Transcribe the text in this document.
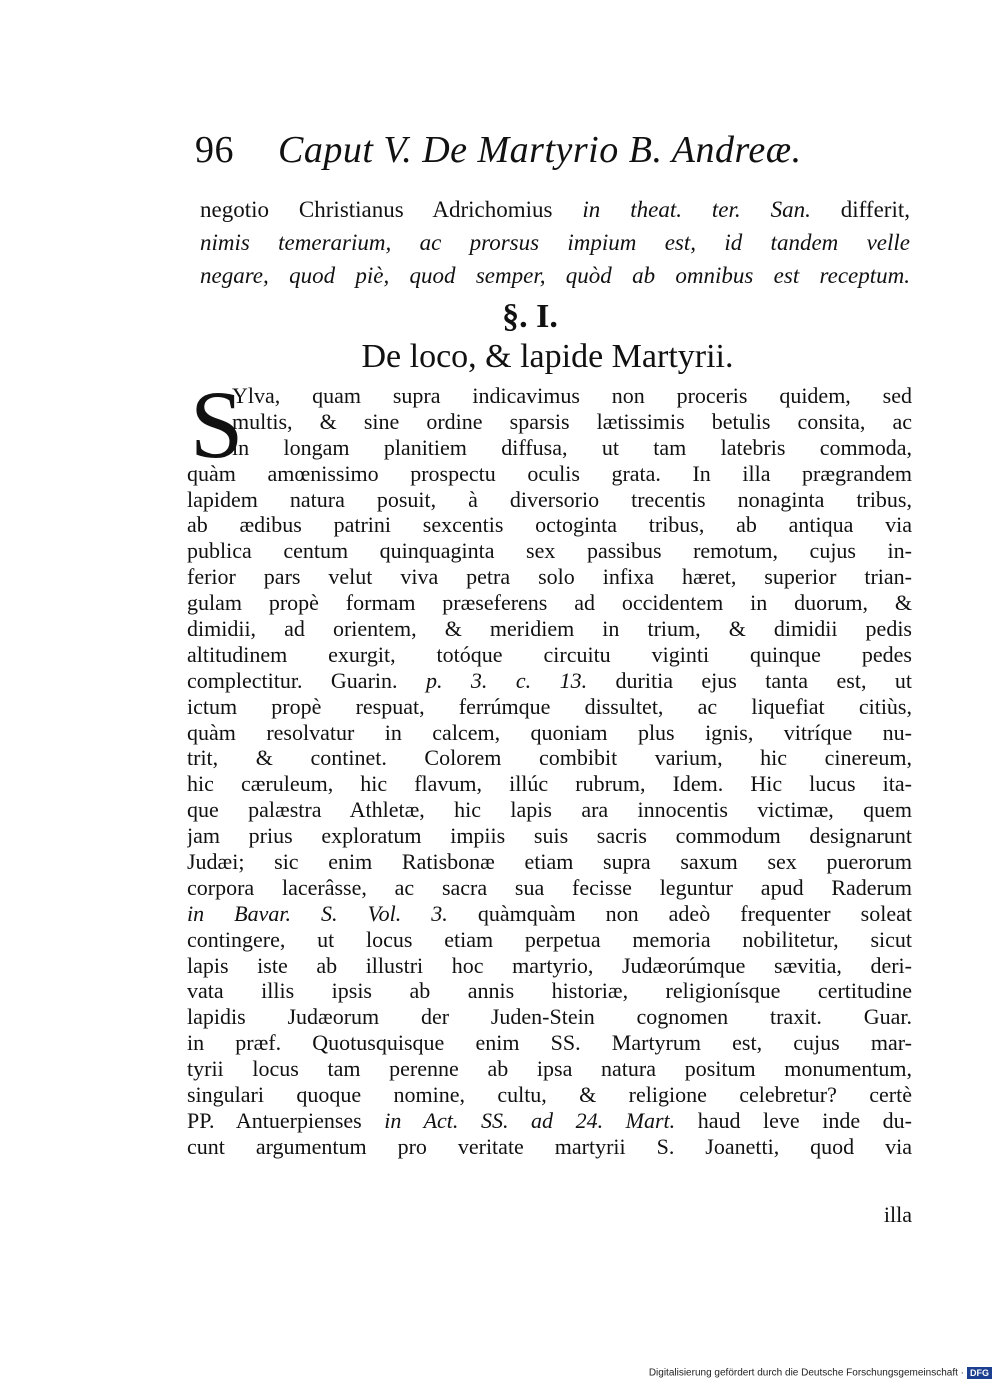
96 Caput V. De Martyrio B. Andreæ.
negotio Christianus Adrichomius in theat. ter. San. differit,
nimis temerarium, ac prorsus impium est, id tandem velle
negare, quod piè, quod semper, quòd ab omnibus est receptum.
§. I.
De loco, & lapide Martyrii.
S
Ylva, quam supra indicavimus non proceris quidem, sed
multis, & sine ordine sparsis lætissimis betulis consita, ac
in longam planitiem diffusa, ut tam latebris commoda,
quàm amœnissimo prospectu oculis grata. In illa prægrandem
lapidem natura posuit, à diversorio trecentis nonaginta tribus,
ab ædibus patrini sexcentis octoginta tribus, ab antiqua via
publica centum quinquaginta sex passibus remotum, cujus in-
ferior pars velut viva petra solo infixa hæret, superior trian-
gulam propè formam præseferens ad occidentem in duorum, &
dimidii, ad orientem, & meridiem in trium, & dimidii pedis
altitudinem exurgit, totóque circuitu viginti quinque pedes
complectitur. Guarin. p. 3. c. 13. duritia ejus tanta est, ut
ictum propè respuat, ferrúmque dissultet, ac liquefiat citiùs,
quàm resolvatur in calcem, quoniam plus ignis, vitríque nu-
trit, & continet. Colorem combibit varium, hic cinereum,
hic cæruleum, hic flavum, illúc rubrum, Idem. Hic lucus ita-
que palæstra Athletæ, hic lapis ara innocentis victimæ, quem
jam prius exploratum impiis suis sacris commodum designarunt
Judæi; sic enim Ratisbonæ etiam supra saxum sex puerorum
corpora lacerâsse, ac sacra sua fecisse leguntur apud Raderum
in Bavar. S. Vol. 3. quàmquàm non adeò frequenter soleat
contingere, ut locus etiam perpetua memoria nobilitetur, sicut
lapis iste ab illustri hoc martyrio, Judæorúmque sævitia, deri-
vata illis ipsis ab annis historiæ, religionísque certitudine
lapidis Judæorum der Juden-Stein cognomen traxit. Guar.
in præf. Quotusquisque enim SS. Martyrum est, cujus mar-
tyrii locus tam perenne ab ipsa natura positum monumentum,
singulari quoque nomine, cultu, & religione celebretur? certè
PP. Antuerpienses in Act. SS. ad 24. Mart. haud leve inde du-
cunt argumentum pro veritate martyrii S. Joanetti, quod via
illa
Digitalisierung gefördert durch die Deutsche Forschungsgemeinschaft · DFG
